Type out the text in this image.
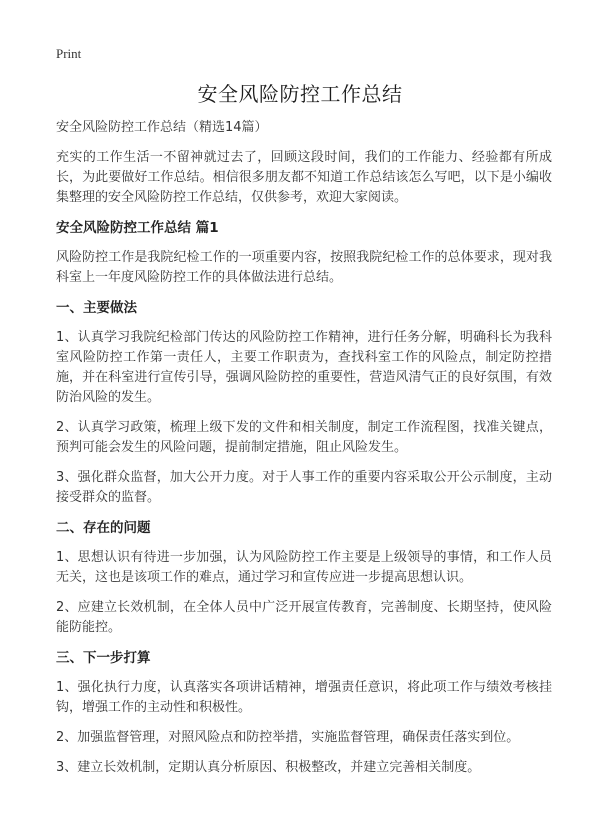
Print
安全风险防控工作总结

安全风险防控工作总结（精选14篇）

充实的工作生活一不留神就过去了，回顾这段时间，我们的工作能力、经验都有所成长，为此要做好工作总结。相信很多朋友都不知道工作总结该怎么写吧，以下是小编收集整理的安全风险防控工作总结，仅供参考，欢迎大家阅读。

安全风险防控工作总结 篇1

风险防控工作是我院纪检工作的一项重要内容，按照我院纪检工作的总体要求，现对我科室上一年度风险防控工作的具体做法进行总结。

一、主要做法

1、认真学习我院纪检部门传达的风险防控工作精神，进行任务分解，明确科长为我科室风险防控工作第一责任人，主要工作职责为，查找科室工作的风险点，制定防控措施，并在科室进行宣传引导，强调风险防控的重要性，营造风清气正的良好氛围，有效防治风险的发生。

2、认真学习政策，梳理上级下发的文件和相关制度，制定工作流程图，找准关键点，预判可能会发生的风险问题，提前制定措施，阻止风险发生。

3、强化群众监督，加大公开力度。对于人事工作的重要内容采取公开公示制度，主动接受群众的监督。

二、存在的问题

1、思想认识有待进一步加强，认为风险防控工作主要是上级领导的事情，和工作人员无关，这也是该项工作的难点，通过学习和宣传应进一步提高思想认识。

2、应建立长效机制，在全体人员中广泛开展宣传教育，完善制度、长期坚持，使风险能防能控。

三、下一步打算

1、强化执行力度，认真落实各项讲话精神，增强责任意识，将此项工作与绩效考核挂钩，增强工作的主动性和积极性。

2、加强监督管理，对照风险点和防控举措，实施监督管理，确保责任落实到位。

3、建立长效机制，定期认真分析原因、积极整改，并建立完善相关制度。
